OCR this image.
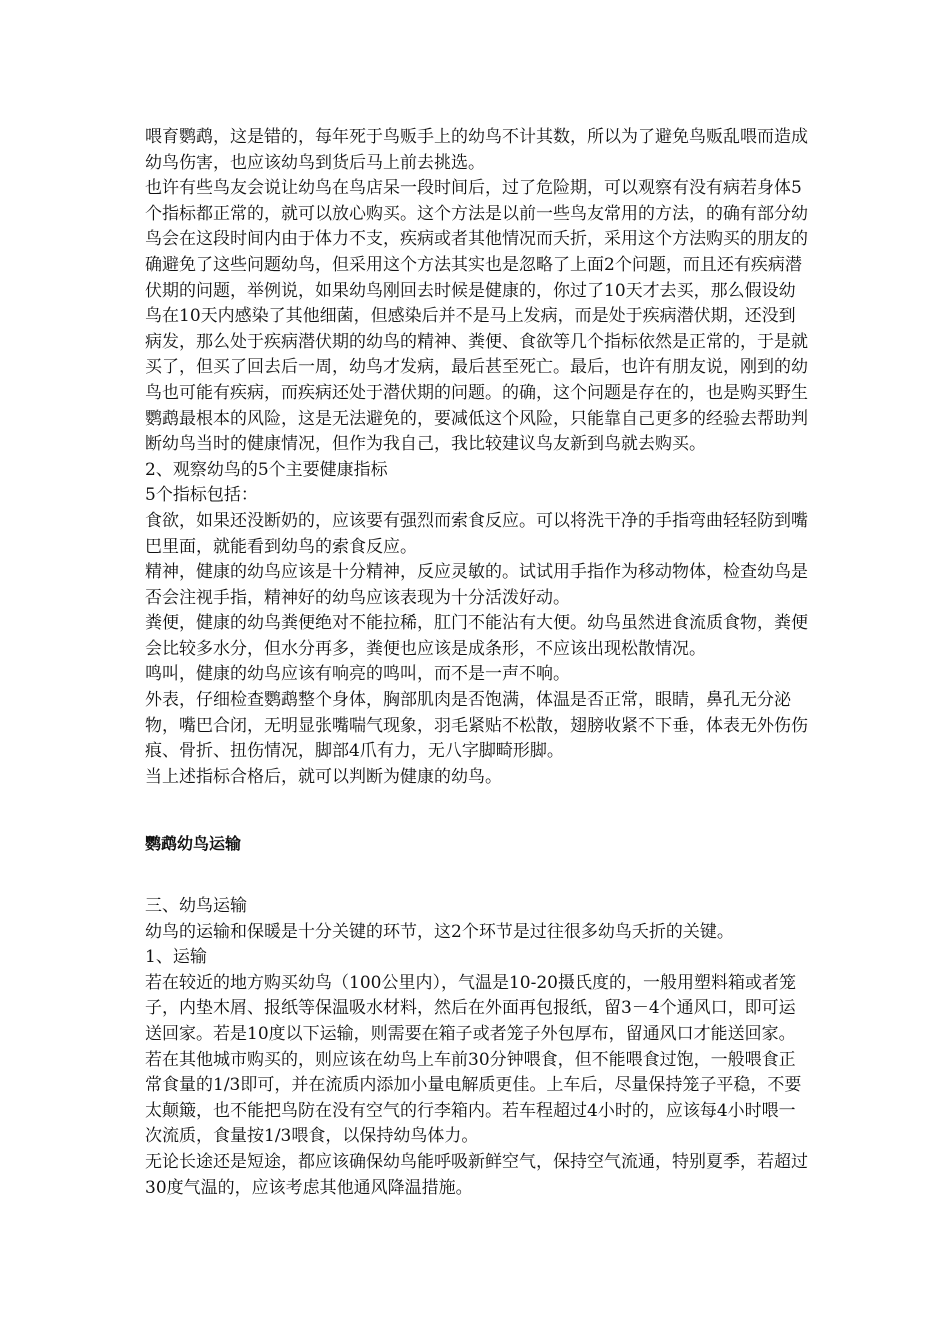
喂育鹦鹉，这是错的，每年死于鸟贩手上的幼鸟不计其数，所以为了避免鸟贩乱喂而造成幼鸟伤害，也应该幼鸟到货后马上前去挑选。

也许有些鸟友会说让幼鸟在鸟店呆一段时间后，过了危险期，可以观察有没有病若身体5个指标都正常的，就可以放心购买。这个方法是以前一些鸟友常用的方法，的确有部分幼鸟会在这段时间内由于体力不支，疾病或者其他情况而夭折，采用这个方法购买的朋友的确避免了这些问题幼鸟，但采用这个方法其实也是忽略了上面2个问题，而且还有疾病潜伏期的问题，举例说，如果幼鸟刚回去时候是健康的，你过了10天才去买，那么假设幼鸟在10天内感染了其他细菌，但感染后并不是马上发病，而是处于疾病潜伏期，还没到病发，那么处于疾病潜伏期的幼鸟的精神、粪便、食欲等几个指标依然是正常的，于是就买了，但买了回去后一周，幼鸟才发病，最后甚至死亡。最后，也许有朋友说，刚到的幼鸟也可能有疾病，而疾病还处于潜伏期的问题。的确，这个问题是存在的，也是购买野生鹦鹉最根本的风险，这是无法避免的，要减低这个风险，只能靠自己更多的经验去帮助判断幼鸟当时的健康情况，但作为我自己，我比较建议鸟友新到鸟就去购买。

2、观察幼鸟的5个主要健康指标

5个指标包括：

食欲，如果还没断奶的，应该要有强烈而索食反应。可以将洗干净的手指弯曲轻轻防到嘴巴里面，就能看到幼鸟的索食反应。

精神，健康的幼鸟应该是十分精神，反应灵敏的。试试用手指作为移动物体，检查幼鸟是否会注视手指，精神好的幼鸟应该表现为十分活泼好动。

粪便，健康的幼鸟粪便绝对不能拉稀，肛门不能沾有大便。幼鸟虽然进食流质食物，粪便会比较多水分，但水分再多，粪便也应该是成条形，不应该出现松散情况。

鸣叫，健康的幼鸟应该有响亮的鸣叫，而不是一声不响。

外表，仔细检查鹦鹉整个身体，胸部肌肉是否饱满，体温是否正常，眼睛，鼻孔无分泌物，嘴巴合闭，无明显张嘴喘气现象，羽毛紧贴不松散，翅膀收紧不下垂，体表无外伤伤痕、骨折、扭伤情况，脚部4爪有力，无八字脚畸形脚。

当上述指标合格后，就可以判断为健康的幼鸟。

鹦鹉幼鸟运输

三、幼鸟运输

幼鸟的运输和保暖是十分关键的环节，这2个环节是过往很多幼鸟夭折的关键。

1、运输

若在较近的地方购买幼鸟（100公里内），气温是10-20摄氏度的，一般用塑料箱或者笼子，内垫木屑、报纸等保温吸水材料，然后在外面再包报纸，留3－4个通风口，即可运送回家。若是10度以下运输，则需要在箱子或者笼子外包厚布，留通风口才能送回家。

若在其他城市购买的，则应该在幼鸟上车前30分钟喂食，但不能喂食过饱，一般喂食正常食量的1/3即可，并在流质内添加小量电解质更佳。上车后，尽量保持笼子平稳，不要太颠簸，也不能把鸟防在没有空气的行李箱内。若车程超过4小时的，应该每4小时喂一次流质，食量按1/3喂食，以保持幼鸟体力。

无论长途还是短途，都应该确保幼鸟能呼吸新鲜空气，保持空气流通，特别夏季，若超过30度气温的，应该考虑其他通风降温措施。
